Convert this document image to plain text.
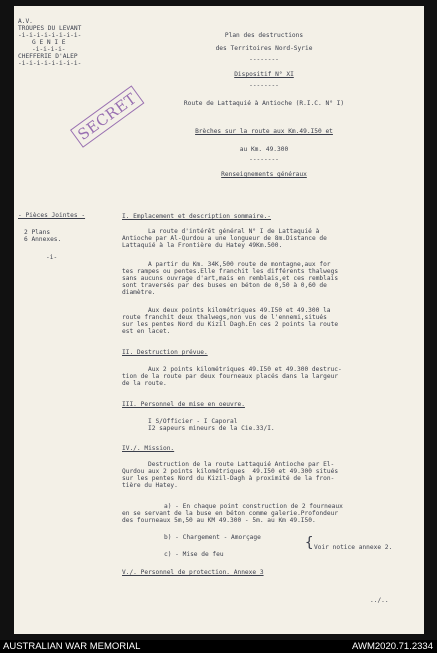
A.V.
TROUPES DU LEVANT
-i-i-i-i-i-i-i-i-
G E N I E
-i-i-i-i-
CHEFFERIE D'ALEP
-i-i-i-i-i-i-i-i-
Plan des destructions
des Territoires Nord-Syrie
--------
Dispositif N° XI
--------
Route de Lattaquié à Antioche (R.I.C. N° I)
Brèches sur la route aux Km.49.I50 et
au Km. 49.300
--------
Renseignements généraux
SECRET
- Pièces Jointes -
2 Plans
6 Annexes.
-i-
I. Emplacement et description sommaire.-
La route d'intérêt général N° I de Lattaquié à
Antioche par Al-Qurdou a une longueur de 8m.Distance de
Lattaquié à la Frontière du Hatey 49Km.500.
A partir du Km. 34K,500 route de montagne,aux for
tes rampes ou pentes.Elle franchit les différents thalwegs
sans aucuns ouvrage d'art,mais en remblais,et ces remblais
sont traversés par des buses en béton de 0,50 à 0,60 de
diamètre.
Aux deux points kilométriques 49.I50 et 49.300 la
route franchit deux thalwegs,non vus de l'ennemi,situés
sur les pentes Nord du Kizil Dagh.En ces 2 points la route
est en lacet.
II. Destruction prévue.
Aux 2 points kilométriques 49.I50 et 49.300 destruc-
tion de la route par deux fourneaux placés dans la largeur
de la route.
III. Personnel de mise en oeuvre.
I S/Officier - I Caporal
I2 sapeurs mineurs de la Cie.33/I.
IV./. Mission.
Destruction de la route Lattaquié Antioche par El-
Qurdou aux 2 points kilométriques  49.I50 et 49.300 situés
sur les pentes Nord du Kizil-Dagh à proximité de la fron-
tière du Hatey.
a) - En chaque point construction de 2 fourneaux
en se servant de la buse en béton comme galerie.Profondeur
des fourneaux 5m,50 au KM 49.300 - 5m. au Km 49.I50.
b) - Chargement - Amorçage
c) - Mise de feu
{ Voir notice annexe 2.
V./. Personnel de protection. Annexe 3
../..
AUSTRALIAN WAR MEMORIAL	AWM2020.71.2334
